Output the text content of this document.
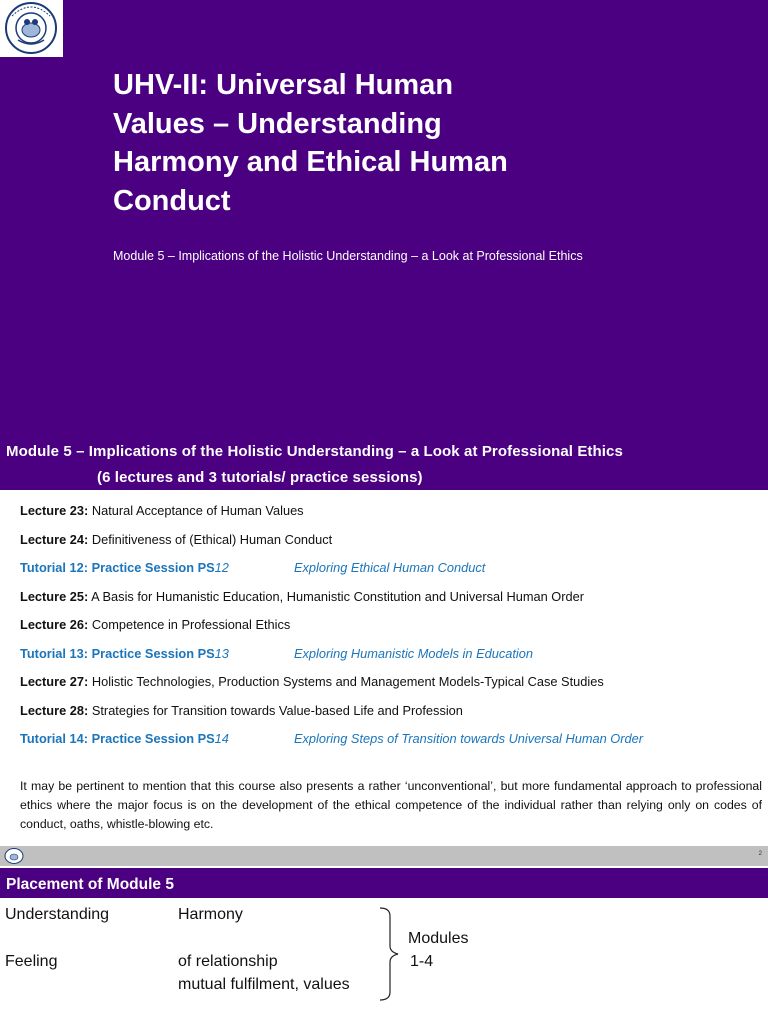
UHV-II: Universal Human
Values – Understanding
Harmony and Ethical Human
Conduct
Module 5 – Implications of the Holistic Understanding – a Look at Professional Ethics
Module 5 – Implications of the Holistic Understanding – a Look at Professional Ethics
(6 lectures and 3 tutorials/ practice sessions)
Lecture 23: Natural Acceptance of Human Values
Lecture 24: Definitiveness of (Ethical) Human Conduct
Tutorial 12: Practice Session PS12	Exploring Ethical Human Conduct
Lecture 25: A Basis for Humanistic Education, Humanistic Constitution and Universal Human Order
Lecture 26: Competence in Professional Ethics
Tutorial 13: Practice Session PS13	Exploring Humanistic Models in Education
Lecture 27: Holistic Technologies, Production Systems and Management Models-Typical Case Studies
Lecture 28: Strategies for Transition towards Value-based Life and Profession
Tutorial 14: Practice Session PS14	Exploring Steps of Transition towards Universal Human Order
It may be pertinent to mention that this course also presents a rather ‘unconventional’, but more fundamental approach to professional ethics where the major focus is on the development of the ethical competence of the individual rather than relying only on codes of conduct, oaths, whistle-blowing etc.
2
Placement of Module 5
Understanding	Harmony
Feeling	of relationship
mutual fulfilment, values
Modules
1-4
